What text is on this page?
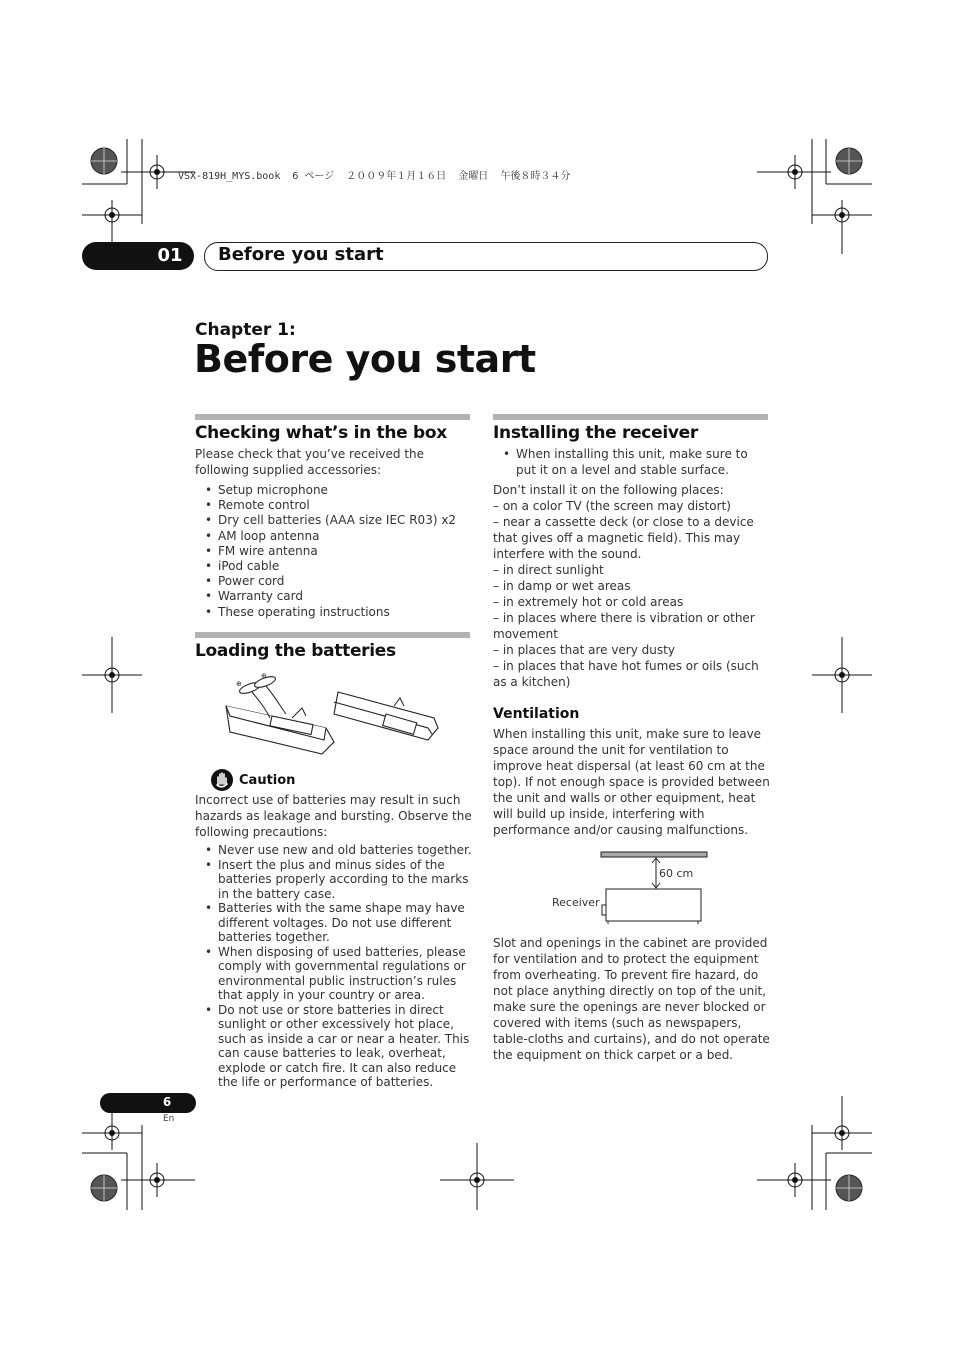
VSX-819H_MYS.book  6 ページ  ２００９年１月１６日  金曜日  午後８時３４分
01	Before you start
Chapter 1:
Before you start
Checking what’s in the box
Please check that you’ve received the following supplied accessories:
• Setup microphone
• Remote control
• Dry cell batteries (AAA size IEC R03) x2
• AM loop antenna
• FM wire antenna
• iPod cable
• Power cord
• Warranty card
• These operating instructions
Loading the batteries
⊕
⊕
Caution
Incorrect use of batteries may result in such hazards as leakage and bursting. Observe the following precautions:
• Never use new and old batteries together.
• Insert the plus and minus sides of the batteries properly according to the marks in the battery case.
• Batteries with the same shape may have different voltages. Do not use different batteries together.
• When disposing of used batteries, please comply with governmental regulations or environmental public instruction’s rules that apply in your country or area.
• Do not use or store batteries in direct sunlight or other excessively hot place, such as inside a car or near a heater. This can cause batteries to leak, overheat, explode or catch fire. It can also reduce the life or performance of batteries.
Installing the receiver
• When installing this unit, make sure to put it on a level and stable surface.
Don’t install it on the following places:
– on a color TV (the screen may distort)
– near a cassette deck (or close to a device that gives off a magnetic field). This may interfere with the sound.
– in direct sunlight
– in damp or wet areas
– in extremely hot or cold areas
– in places where there is vibration or other movement
– in places that are very dusty
– in places that have hot fumes or oils (such as a kitchen)
Ventilation
When installing this unit, make sure to leave space around the unit for ventilation to improve heat dispersal (at least 60 cm at the top). If not enough space is provided between the unit and walls or other equipment, heat will build up inside, interfering with performance and/or causing malfunctions.
60 cm
Receiver
Slot and openings in the cabinet are provided for ventilation and to protect the equipment from overheating. To prevent fire hazard, do not place anything directly on top of the unit, make sure the openings are never blocked or covered with items (such as newspapers, table-cloths and curtains), and do not operate the equipment on thick carpet or a bed.
6
En
